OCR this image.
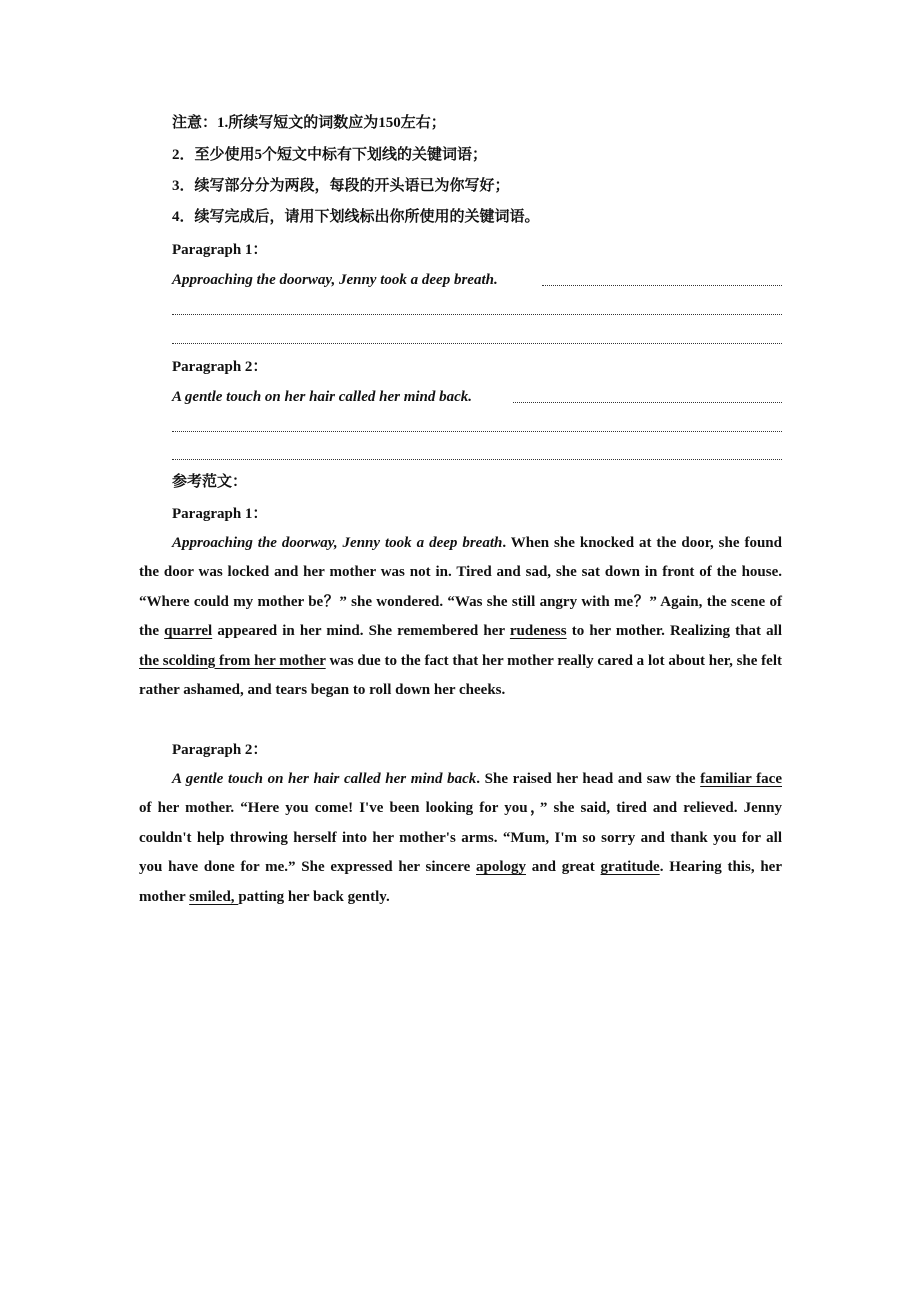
注意：1.所续写短文的词数应为150左右；
2．至少使用5个短文中标有下划线的关键词语；
3．续写部分分为两段，每段的开头语已为你写好；
4．续写完成后，请用下划线标出你所使用的关键词语。
Paragraph 1：
Approaching the doorway, Jenny took a deep breath.
Paragraph 2：
A gentle touch on her hair called her mind back.
参考范文：
Paragraph 1：
Approaching the doorway, Jenny took a deep breath. When she knocked at the door, she found the door was locked and her mother was not in. Tired and sad, she sat down in front of the house. “Where could my mother be？” she wondered. “Was she still angry with me？” Again, the scene of the quarrel appeared in her mind. She remembered her rudeness to her mother. Realizing that all the scolding from her mother was due to the fact that her mother really cared a lot about her, she felt rather ashamed, and tears began to roll down her cheeks.
Paragraph 2：
A gentle touch on her hair called her mind back. She raised her head and saw the familiar face of her mother. “Here you come! I've been looking for you，” she said, tired and relieved. Jenny couldn't help throwing herself into her mother's arms. “Mum, I'm so sorry and thank you for all you have done for me.” She expressed her sincere apology and great gratitude. Hearing this, her mother smiled, patting her back gently.
